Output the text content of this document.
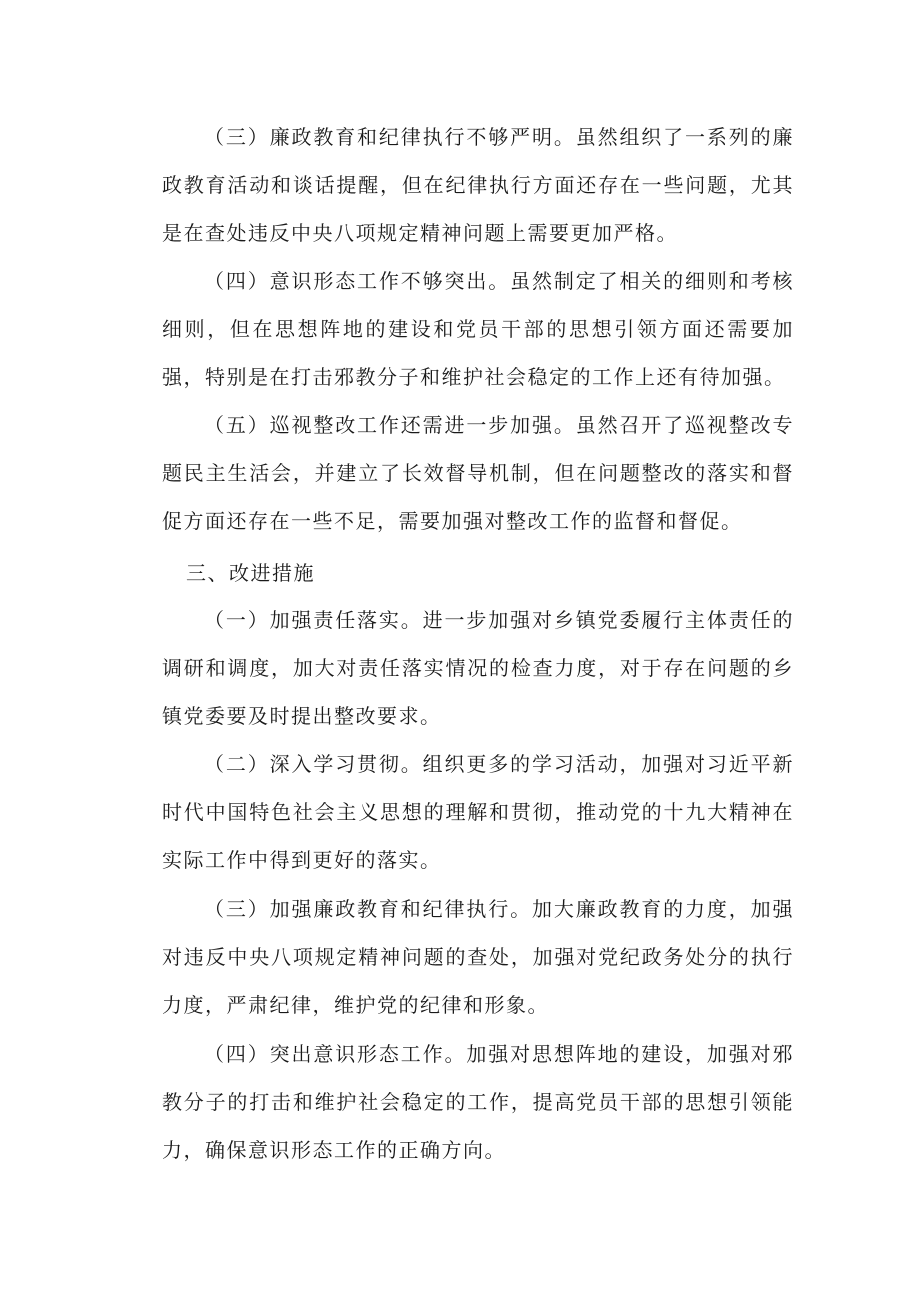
（三）廉政教育和纪律执行不够严明。虽然组织了一系列的廉政教育活动和谈话提醒，但在纪律执行方面还存在一些问题，尤其是在查处违反中央八项规定精神问题上需要更加严格。

（四）意识形态工作不够突出。虽然制定了相关的细则和考核细则，但在思想阵地的建设和党员干部的思想引领方面还需要加强，特别是在打击邪教分子和维护社会稳定的工作上还有待加强。

（五）巡视整改工作还需进一步加强。虽然召开了巡视整改专题民主生活会，并建立了长效督导机制，但在问题整改的落实和督促方面还存在一些不足，需要加强对整改工作的监督和督促。

三、改进措施

（一）加强责任落实。进一步加强对乡镇党委履行主体责任的调研和调度，加大对责任落实情况的检查力度，对于存在问题的乡镇党委要及时提出整改要求。

（二）深入学习贯彻。组织更多的学习活动，加强对习近平新时代中国特色社会主义思想的理解和贯彻，推动党的十九大精神在实际工作中得到更好的落实。

（三）加强廉政教育和纪律执行。加大廉政教育的力度，加强对违反中央八项规定精神问题的查处，加强对党纪政务处分的执行力度，严肃纪律，维护党的纪律和形象。

（四）突出意识形态工作。加强对思想阵地的建设，加强对邪教分子的打击和维护社会稳定的工作，提高党员干部的思想引领能力，确保意识形态工作的正确方向。
